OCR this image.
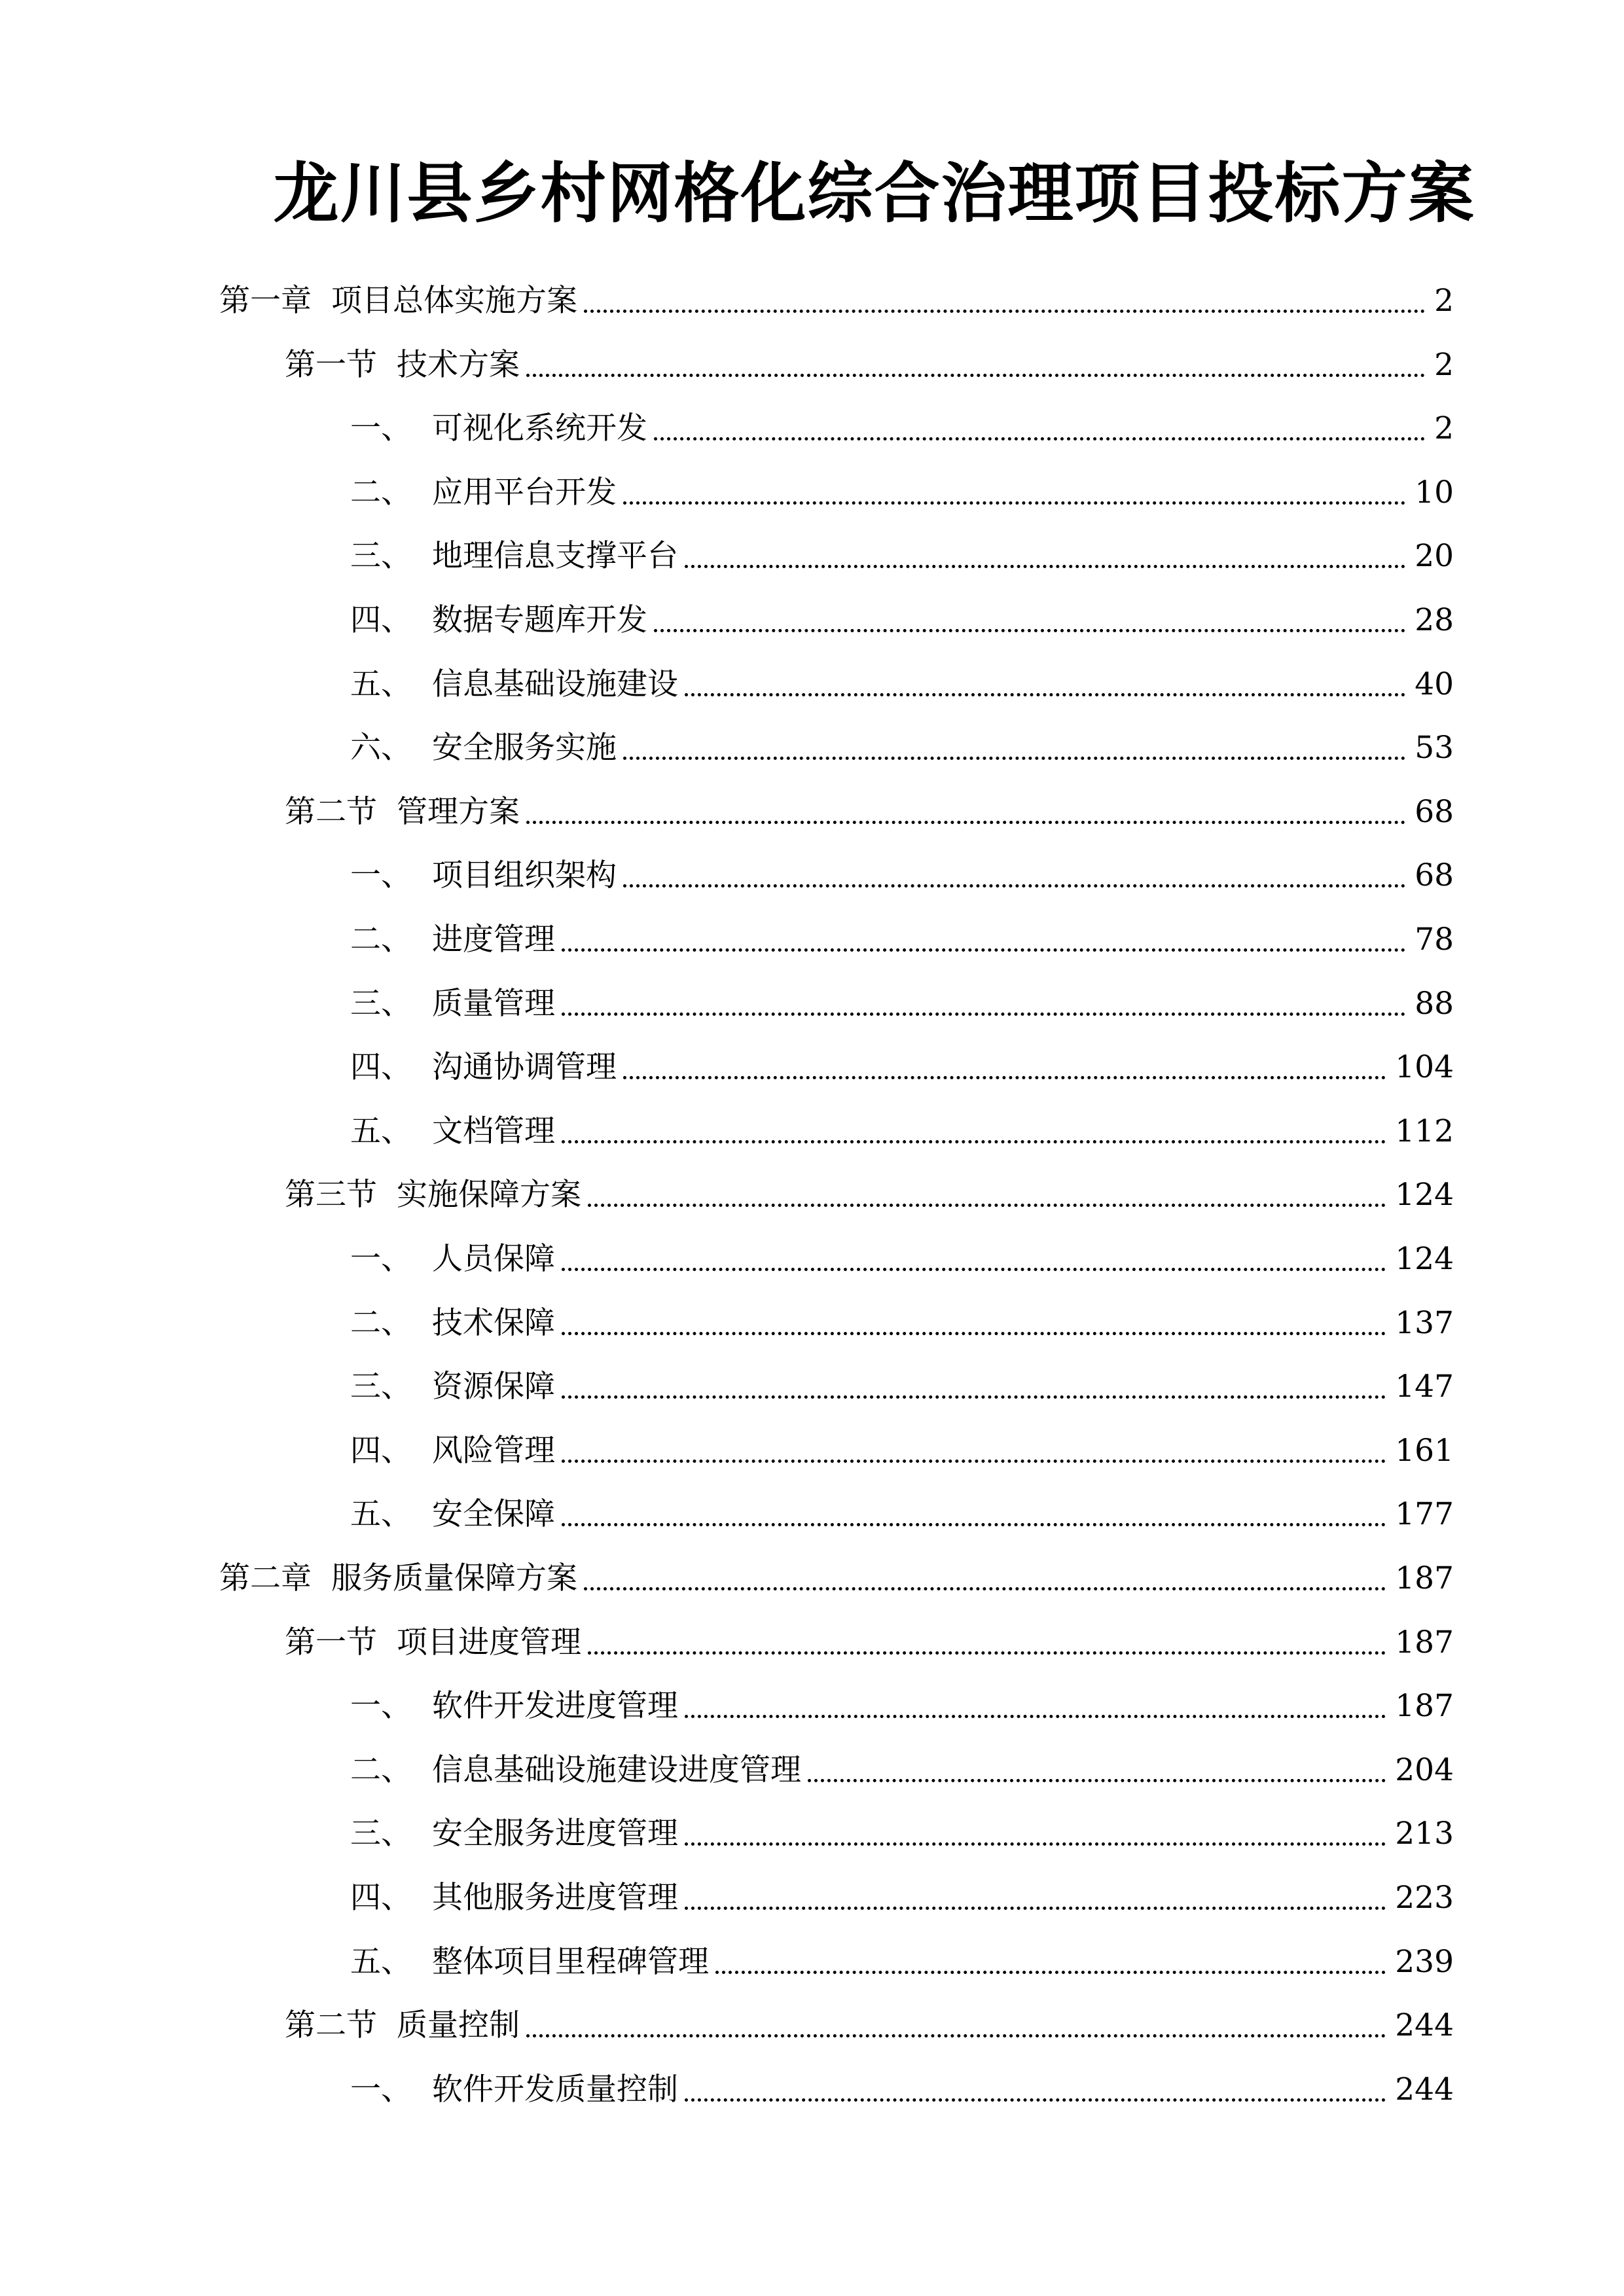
龙川县乡村网格化综合治理项目投标方案
第一章 项目总体实施方案	2
第一节 技术方案	2
一、 可视化系统开发	2
二、 应用平台开发	10
三、 地理信息支撑平台	20
四、 数据专题库开发	28
五、 信息基础设施建设	40
六、 安全服务实施	53
第二节 管理方案	68
一、 项目组织架构	68
二、 进度管理	78
三、 质量管理	88
四、 沟通协调管理	104
五、 文档管理	112
第三节 实施保障方案	124
一、 人员保障	124
二、 技术保障	137
三、 资源保障	147
四、 风险管理	161
五、 安全保障	177
第二章 服务质量保障方案	187
第一节 项目进度管理	187
一、 软件开发进度管理	187
二、 信息基础设施建设进度管理	204
三、 安全服务进度管理	213
四、 其他服务进度管理	223
五、 整体项目里程碑管理	239
第二节 质量控制	244
一、 软件开发质量控制	244
